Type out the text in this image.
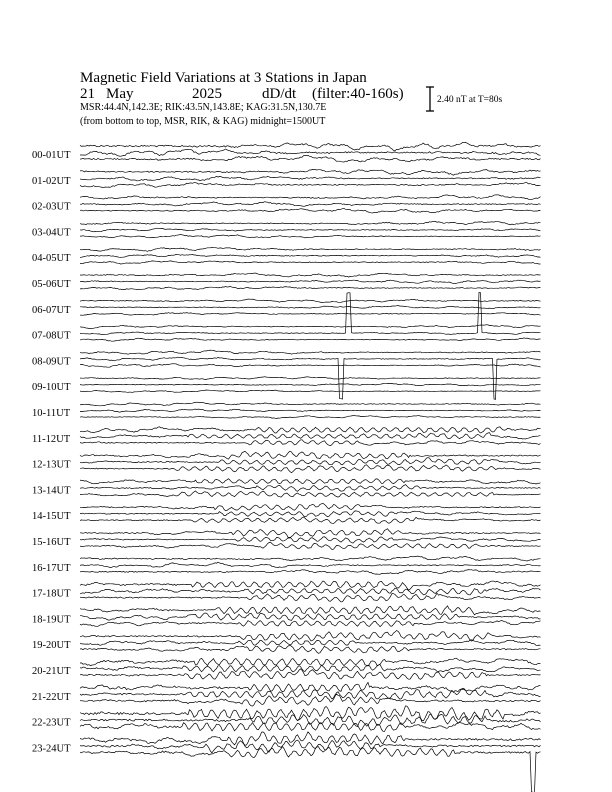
Magnetic Field Variations at 3 Stations in Japan
21 May	2025	dD/dt (filter:40-160s)
MSR:44.4N,142.3E; RIK:43.5N,143.8E; KAG:31.5N,130.7E
(from bottom to top, MSR, RIK, & KAG) midnight=1500UT
2.40 nT at T=80s
00-01UT
01-02UT
02-03UT
03-04UT
04-05UT
05-06UT
06-07UT
07-08UT
08-09UT
09-10UT
10-11UT
11-12UT
12-13UT
13-14UT
14-15UT
15-16UT
16-17UT
17-18UT
18-19UT
19-20UT
20-21UT
21-22UT
22-23UT
23-24UT
